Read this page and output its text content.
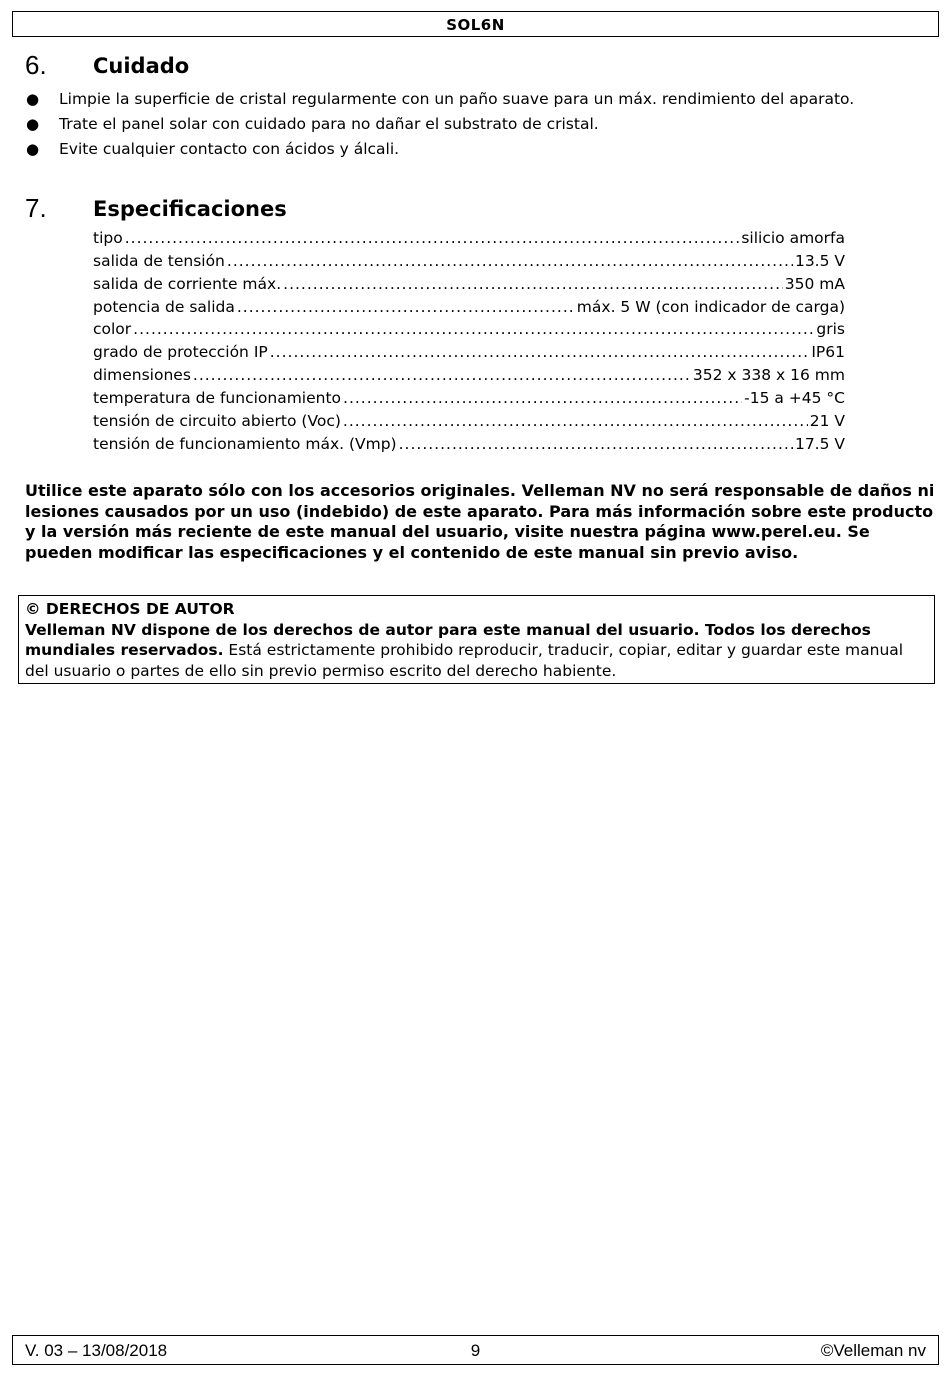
SOL6N
6. Cuidado
● Limpie la superficie de cristal regularmente con un paño suave para un máx. rendimiento del aparato.
● Trate el panel solar con cuidado para no dañar el substrato de cristal.
● Evite cualquier contacto con ácidos y álcali.
7. Especificaciones
tipo .....	silicio amorfa
salida de tensión .....	13.5 V
salida de corriente máx. .....	350 mA
potencia de salida .....	máx. 5 W (con indicador de carga)
color .....	gris
grado de protección IP .....	IP61
dimensiones .....	352 x 338 x 16 mm
temperatura de funcionamiento .....	-15 a +45 °C
tensión de circuito abierto (Voc) .....	21 V
tensión de funcionamiento máx. (Vmp) .....	17.5 V
Utilice este aparato sólo con los accesorios originales. Velleman NV no será responsable de daños ni lesiones causados por un uso (indebido) de este aparato. Para más información sobre este producto y la versión más reciente de este manual del usuario, visite nuestra página www.perel.eu. Se pueden modificar las especificaciones y el contenido de este manual sin previo aviso.
© DERECHOS DE AUTOR
Velleman NV dispone de los derechos de autor para este manual del usuario. Todos los derechos mundiales reservados. Está estrictamente prohibido reproducir, traducir, copiar, editar y guardar este manual del usuario o partes de ello sin previo permiso escrito del derecho habiente.
V. 03 – 13/08/2018	9	©Velleman nv
